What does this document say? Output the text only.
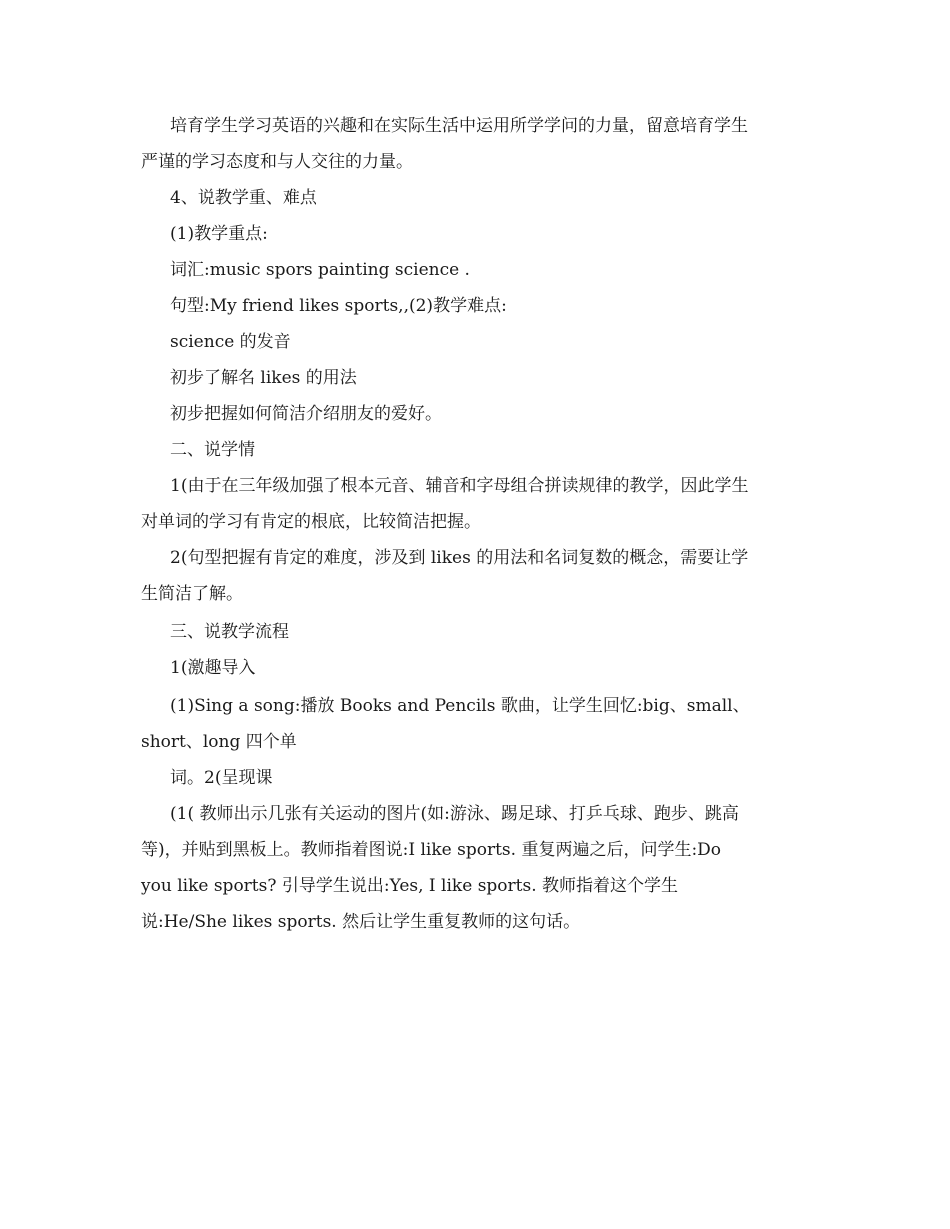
培育学生学习英语的兴趣和在实际生活中运用所学学问的力量，留意培育学生
严谨的学习态度和与人交往的力量。
4、说教学重、难点
(1)教学重点:
词汇:music spors painting science .
句型:My friend likes sports,,(2)教学难点:
science 的发音
初步了解名 likes 的用法
初步把握如何简洁介绍朋友的爱好。
二、说学情
1(由于在三年级加强了根本元音、辅音和字母组合拼读规律的教学，因此学生
对单词的学习有肯定的根底，比较简洁把握。
2(句型把握有肯定的难度，涉及到 likes 的用法和名词复数的概念，需要让学
生简洁了解。
三、说教学流程
1(激趣导入
(1)Sing a song:播放 Books and Pencils 歌曲，让学生回忆:big、small、
short、long 四个单
词。2(呈现课
(1( 教师出示几张有关运动的图片(如:游泳、踢足球、打乒乓球、跑步、跳高
等)，并贴到黑板上。教师指着图说:I like sports. 重复两遍之后，问学生:Do
you like sports? 引导学生说出:Yes, I like sports. 教师指着这个学生
说:He/She likes sports. 然后让学生重复教师的这句话。
